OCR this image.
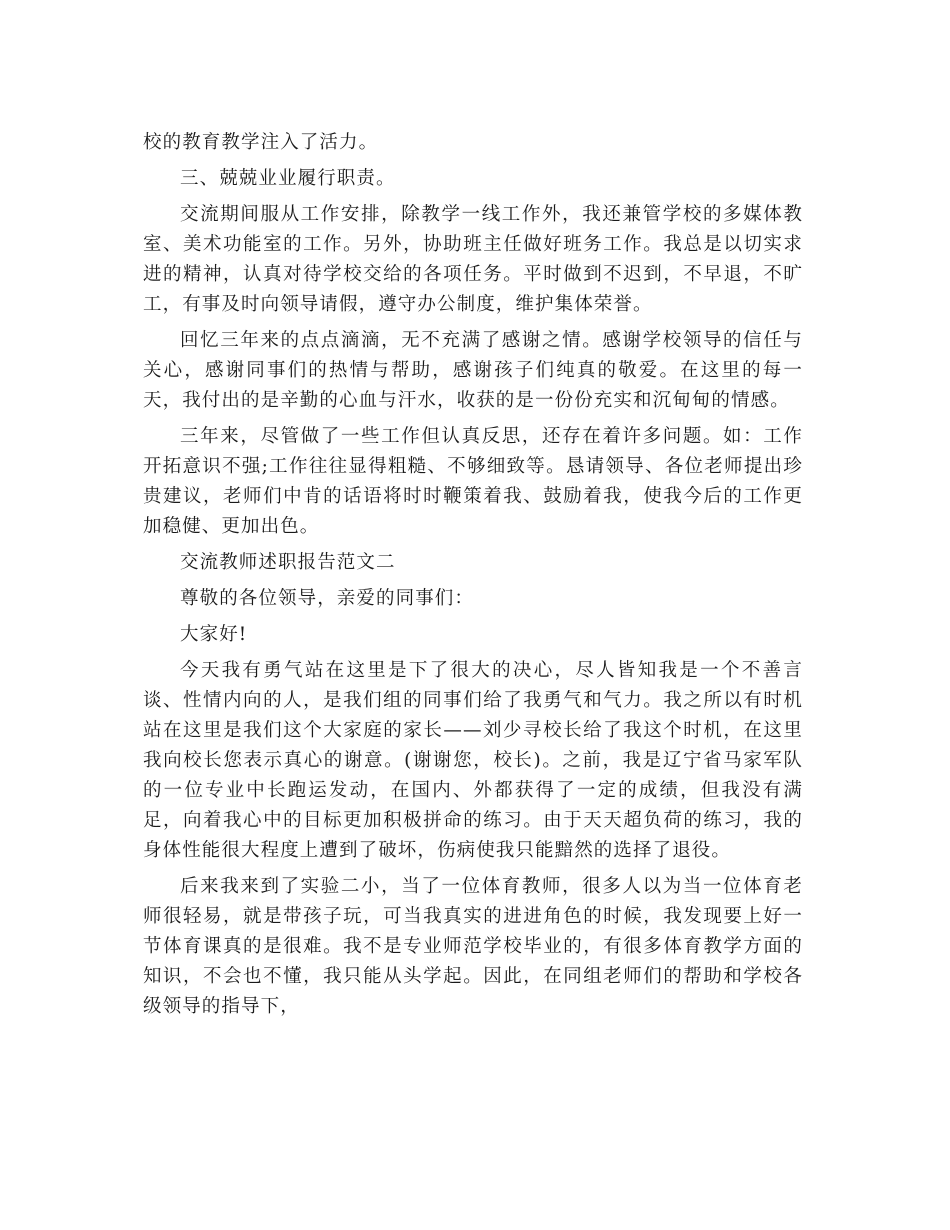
校的教育教学注入了活力。

三、兢兢业业履行职责。

交流期间服从工作安排，除教学一线工作外，我还兼管学校的多媒体教室、美术功能室的工作。另外，协助班主任做好班务工作。我总是以切实求进的精神，认真对待学校交给的各项任务。平时做到不迟到，不早退，不旷工，有事及时向领导请假，遵守办公制度，维护集体荣誉。

回忆三年来的点点滴滴，无不充满了感谢之情。感谢学校领导的信任与关心，感谢同事们的热情与帮助，感谢孩子们纯真的敬爱。在这里的每一天，我付出的是辛勤的心血与汗水，收获的是一份份充实和沉甸甸的情感。

三年来，尽管做了一些工作但认真反思，还存在着许多问题。如：工作开拓意识不强;工作往往显得粗糙、不够细致等。恳请领导、各位老师提出珍贵建议，老师们中肯的话语将时时鞭策着我、鼓励着我，使我今后的工作更加稳健、更加出色。

交流教师述职报告范文二

尊敬的各位领导，亲爱的同事们：

大家好!

今天我有勇气站在这里是下了很大的决心，尽人皆知我是一个不善言谈、性情内向的人，是我们组的同事们给了我勇气和气力。我之所以有时机站在这里是我们这个大家庭的家长——刘少寻校长给了我这个时机，在这里我向校长您表示真心的谢意。(谢谢您，校长)。之前，我是辽宁省马家军队的一位专业中长跑运发动，在国内、外都获得了一定的成绩，但我没有满足，向着我心中的目标更加积极拼命的练习。由于天天超负荷的练习，我的身体性能很大程度上遭到了破坏，伤病使我只能黯然的选择了退役。

后来我来到了实验二小，当了一位体育教师，很多人以为当一位体育老师很轻易，就是带孩子玩，可当我真实的进进角色的时候，我发现要上好一节体育课真的是很难。我不是专业师范学校毕业的，有很多体育教学方面的知识，不会也不懂，我只能从头学起。因此，在同组老师们的帮助和学校各级领导的指导下，
